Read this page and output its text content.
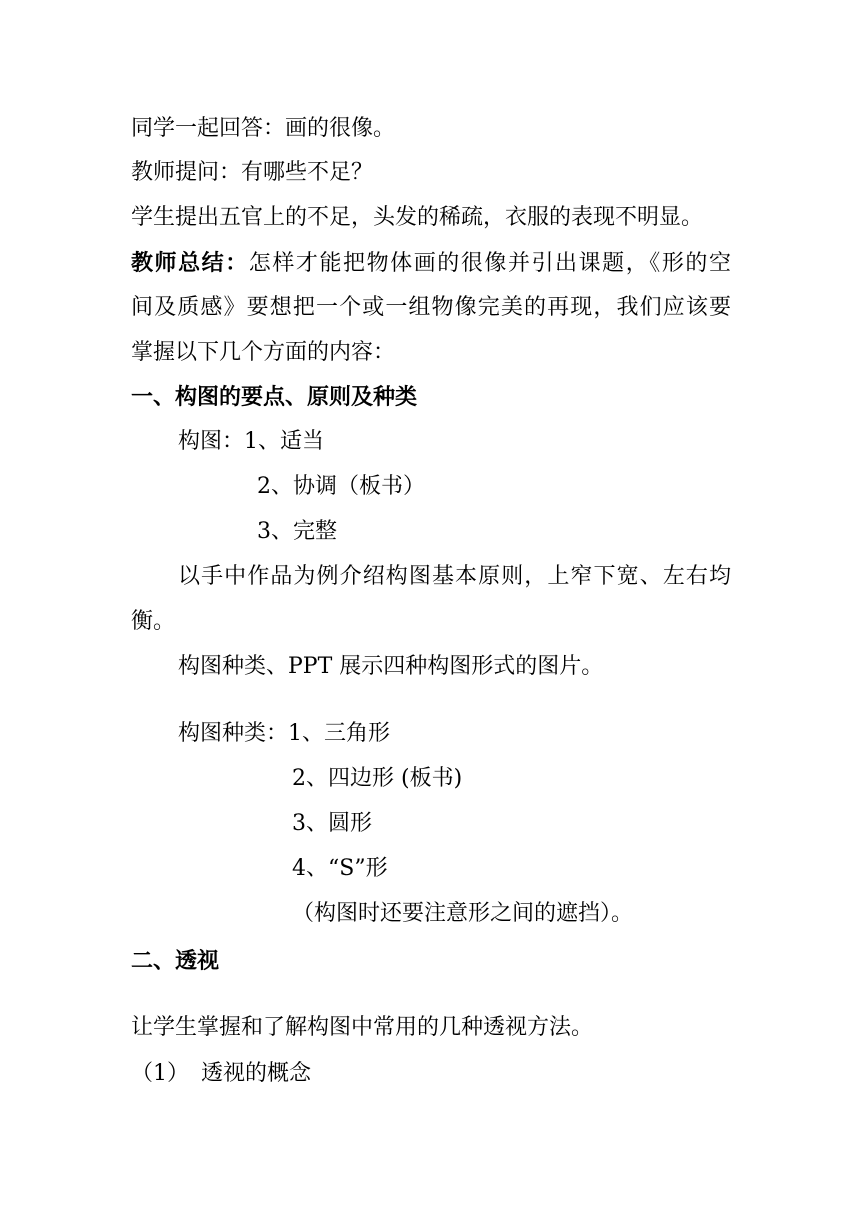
同学一起回答：画的很像。
教师提问：有哪些不足？
学生提出五官上的不足，头发的稀疏，衣服的表现不明显。
教师总结：怎样才能把物体画的很像并引出课题，《形的空
间及质感》要想把一个或一组物像完美的再现，我们应该要
掌握以下几个方面的内容：
一、构图的要点、原则及种类
构图：1、适当
2、协调（板书）
3、完整
以手中作品为例介绍构图基本原则，上窄下宽、左右均
衡。
构图种类、PPT 展示四种构图形式的图片。
构图种类：1、三角形
2、四边形 (板书)
3、圆形
4、“S”形
（构图时还要注意形之间的遮挡）。
二、透视
让学生掌握和了解构图中常用的几种透视方法。
（1） 透视的概念
